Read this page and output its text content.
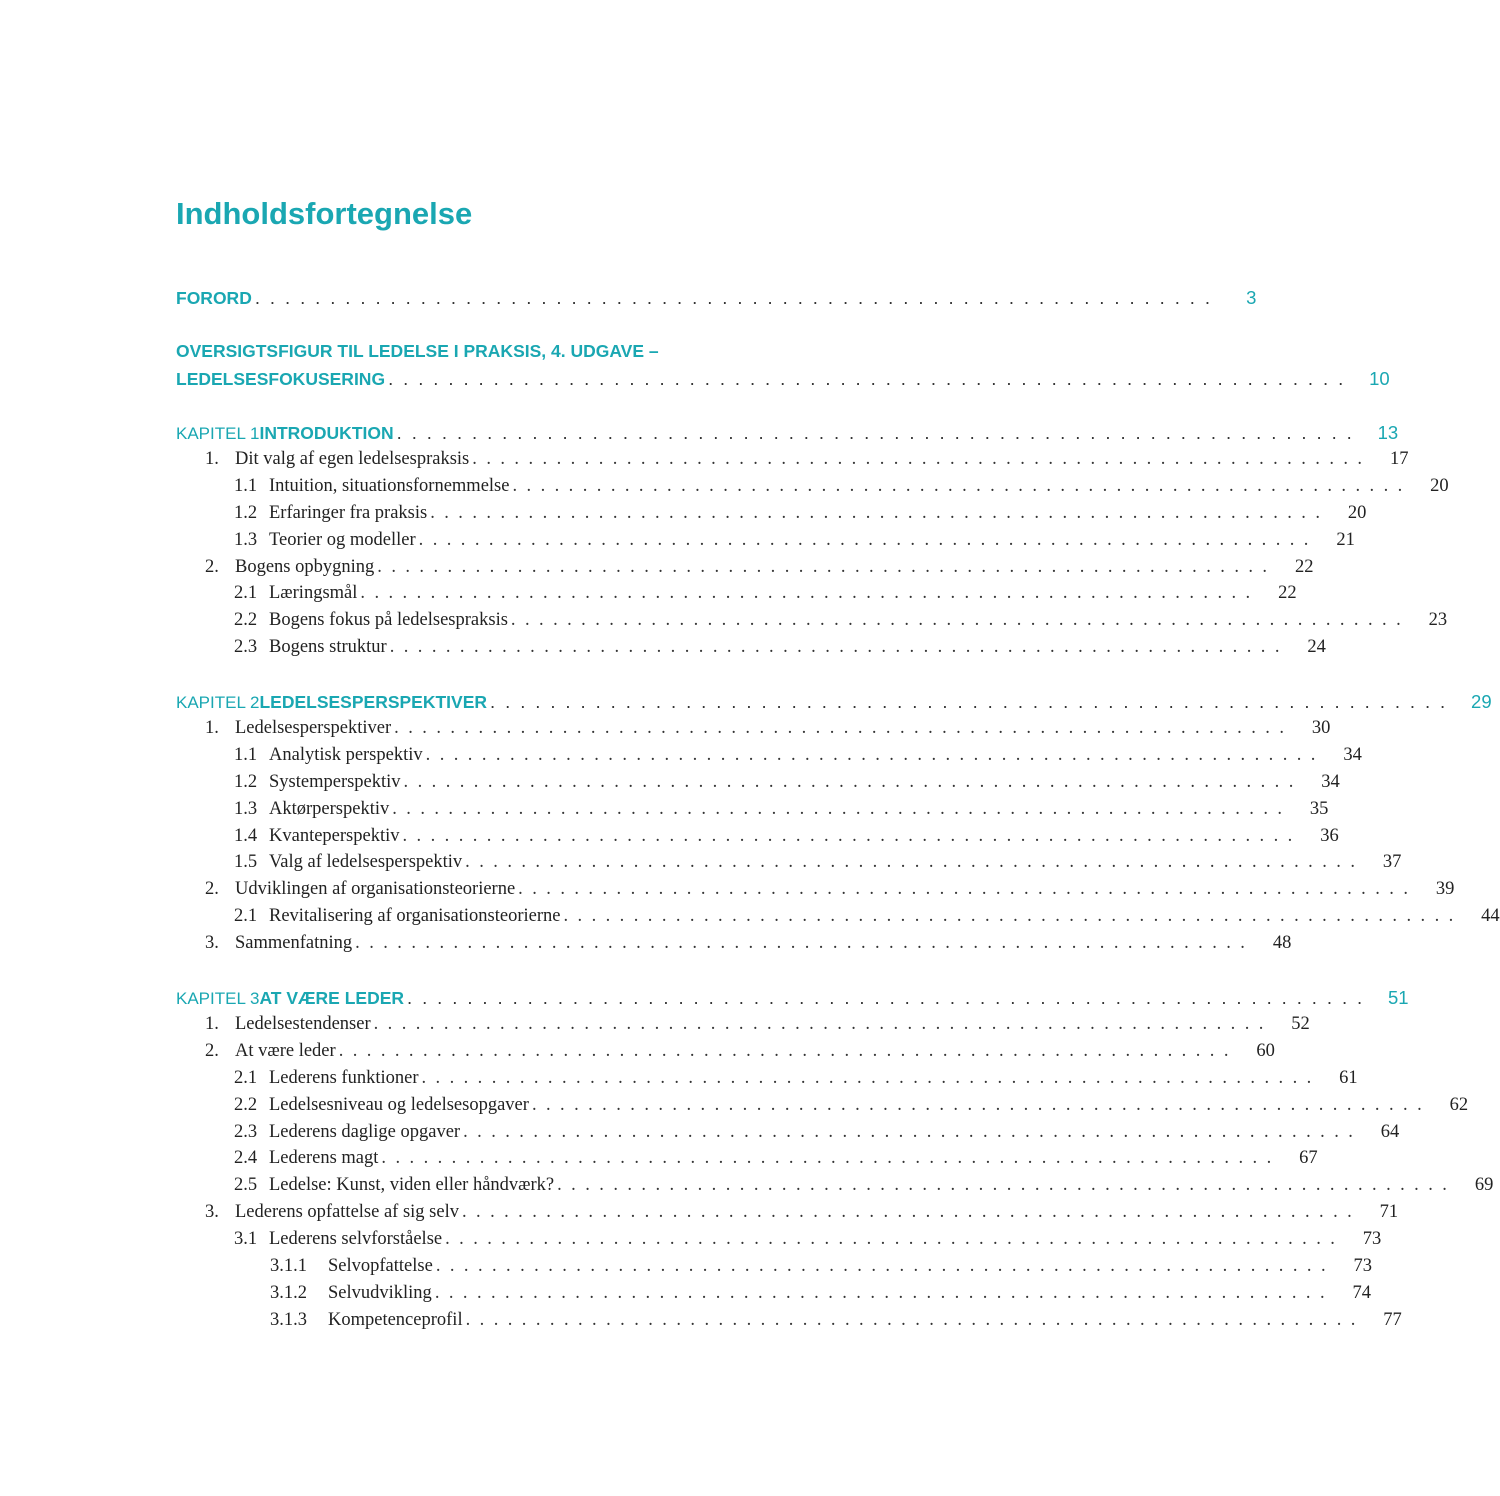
Indholdsfortegnelse
FORORD . . . . . . . . . . . . . . . . . . . . . . . . . . . . . . . . . . . . . . . . . . . . . . . . . . . . . . . . . . . . . . . .	3
OVERSIGTSFIGUR TIL LEDELSE I PRAKSIS, 4. UDGAVE –
LEDELSESFOKUSERING . . . . . . . . . . . . . . . . . . . . . . . . . . . . . . . . . . . . . . . . . . . . . . . . . . . . . . . . . . . . . . . .	10
KAPITEL 1 INTRODUKTION . . . . . . . . . . . . . . . . . . . . . . . . . . . . . . . . . . . . . . . . . . . . . . . . . . . . . . . . . . . . . . . .	13
1. Dit valg af egen ledelsespraksis . . . . . . . . . . . . . . . . . . . . . . . . . . . . . . . . . . . . . . . . . . . . . . . . . . . . . . . . . . . . . . . .	17
1.1 Intuition, situationsfornemmelse . . . . . . . . . . . . . . . . . . . . . . . . . . . . . . . . . . . . . . . . . . . . . . . . . . . . . . . . . . . . . . . .	20
1.2 Erfaringer fra praksis . . . . . . . . . . . . . . . . . . . . . . . . . . . . . . . . . . . . . . . . . . . . . . . . . . . . . . . . . . . . . . . .	20
1.3 Teorier og modeller . . . . . . . . . . . . . . . . . . . . . . . . . . . . . . . . . . . . . . . . . . . . . . . . . . . . . . . . . . . . . . . .	21
2. Bogens opbygning . . . . . . . . . . . . . . . . . . . . . . . . . . . . . . . . . . . . . . . . . . . . . . . . . . . . . . . . . . . . . . . .	22
2.1 Læringsmål . . . . . . . . . . . . . . . . . . . . . . . . . . . . . . . . . . . . . . . . . . . . . . . . . . . . . . . . . . . . . . . .	22
2.2 Bogens fokus på ledelsespraksis . . . . . . . . . . . . . . . . . . . . . . . . . . . . . . . . . . . . . . . . . . . . . . . . . . . . . . . . . . . . . . . .	23
2.3 Bogens struktur . . . . . . . . . . . . . . . . . . . . . . . . . . . . . . . . . . . . . . . . . . . . . . . . . . . . . . . . . . . . . . . .	24
KAPITEL 2 LEDELSESPERSPEKTIVER . . . . . . . . . . . . . . . . . . . . . . . . . . . . . . . . . . . . . . . . . . . . . . . . . . . . . . . . . . . . . . . .	29
1. Ledelsesperspektiver . . . . . . . . . . . . . . . . . . . . . . . . . . . . . . . . . . . . . . . . . . . . . . . . . . . . . . . . . . . . . . . .	30
1.1 Analytisk perspektiv . . . . . . . . . . . . . . . . . . . . . . . . . . . . . . . . . . . . . . . . . . . . . . . . . . . . . . . . . . . . . . . .	34
1.2 Systemperspektiv . . . . . . . . . . . . . . . . . . . . . . . . . . . . . . . . . . . . . . . . . . . . . . . . . . . . . . . . . . . . . . . .	34
1.3 Aktørperspektiv . . . . . . . . . . . . . . . . . . . . . . . . . . . . . . . . . . . . . . . . . . . . . . . . . . . . . . . . . . . . . . . .	35
1.4 Kvanteperspektiv . . . . . . . . . . . . . . . . . . . . . . . . . . . . . . . . . . . . . . . . . . . . . . . . . . . . . . . . . . . . . . . .	36
1.5 Valg af ledelsesperspektiv . . . . . . . . . . . . . . . . . . . . . . . . . . . . . . . . . . . . . . . . . . . . . . . . . . . . . . . . . . . . . . . .	37
2. Udviklingen af organisationsteorierne . . . . . . . . . . . . . . . . . . . . . . . . . . . . . . . . . . . . . . . . . . . . . . . . . . . . . . . . . . . . . . . .	39
2.1 Revitalisering af organisationsteorierne . . . . . . . . . . . . . . . . . . . . . . . . . . . . . . . . . . . . . . . . . . . . . . . . . . . . . . . . . . . . . . . .	44
3. Sammenfatning . . . . . . . . . . . . . . . . . . . . . . . . . . . . . . . . . . . . . . . . . . . . . . . . . . . . . . . . . . . . . . . .	48
KAPITEL 3 AT VÆRE LEDER . . . . . . . . . . . . . . . . . . . . . . . . . . . . . . . . . . . . . . . . . . . . . . . . . . . . . . . . . . . . . . . .	51
1. Ledelsestendenser . . . . . . . . . . . . . . . . . . . . . . . . . . . . . . . . . . . . . . . . . . . . . . . . . . . . . . . . . . . . . . . .	52
2. At være leder . . . . . . . . . . . . . . . . . . . . . . . . . . . . . . . . . . . . . . . . . . . . . . . . . . . . . . . . . . . . . . . .	60
2.1 Lederens funktioner . . . . . . . . . . . . . . . . . . . . . . . . . . . . . . . . . . . . . . . . . . . . . . . . . . . . . . . . . . . . . . . .	61
2.2 Ledelsesniveau og ledelsesopgaver . . . . . . . . . . . . . . . . . . . . . . . . . . . . . . . . . . . . . . . . . . . . . . . . . . . . . . . . . . . . . . . .	62
2.3 Lederens daglige opgaver . . . . . . . . . . . . . . . . . . . . . . . . . . . . . . . . . . . . . . . . . . . . . . . . . . . . . . . . . . . . . . . .	64
2.4 Lederens magt . . . . . . . . . . . . . . . . . . . . . . . . . . . . . . . . . . . . . . . . . . . . . . . . . . . . . . . . . . . . . . . .	67
2.5 Ledelse: Kunst, viden eller håndværk? . . . . . . . . . . . . . . . . . . . . . . . . . . . . . . . . . . . . . . . . . . . . . . . . . . . . . . . . . . . . . . . .	69
3. Lederens opfattelse af sig selv . . . . . . . . . . . . . . . . . . . . . . . . . . . . . . . . . . . . . . . . . . . . . . . . . . . . . . . . . . . . . . . .	71
3.1 Lederens selvforståelse . . . . . . . . . . . . . . . . . . . . . . . . . . . . . . . . . . . . . . . . . . . . . . . . . . . . . . . . . . . . . . . .	73
3.1.1	Selvopfattelse . . . . . . . . . . . . . . . . . . . . . . . . . . . . . . . . . . . . . . . . . . . . . . . . . . . . . . . . . . . . . . . .	73
3.1.2	Selvudvikling . . . . . . . . . . . . . . . . . . . . . . . . . . . . . . . . . . . . . . . . . . . . . . . . . . . . . . . . . . . . . . . .	74
3.1.3	Kompetenceprofil . . . . . . . . . . . . . . . . . . . . . . . . . . . . . . . . . . . . . . . . . . . . . . . . . . . . . . . . . . . . . . . .	77
